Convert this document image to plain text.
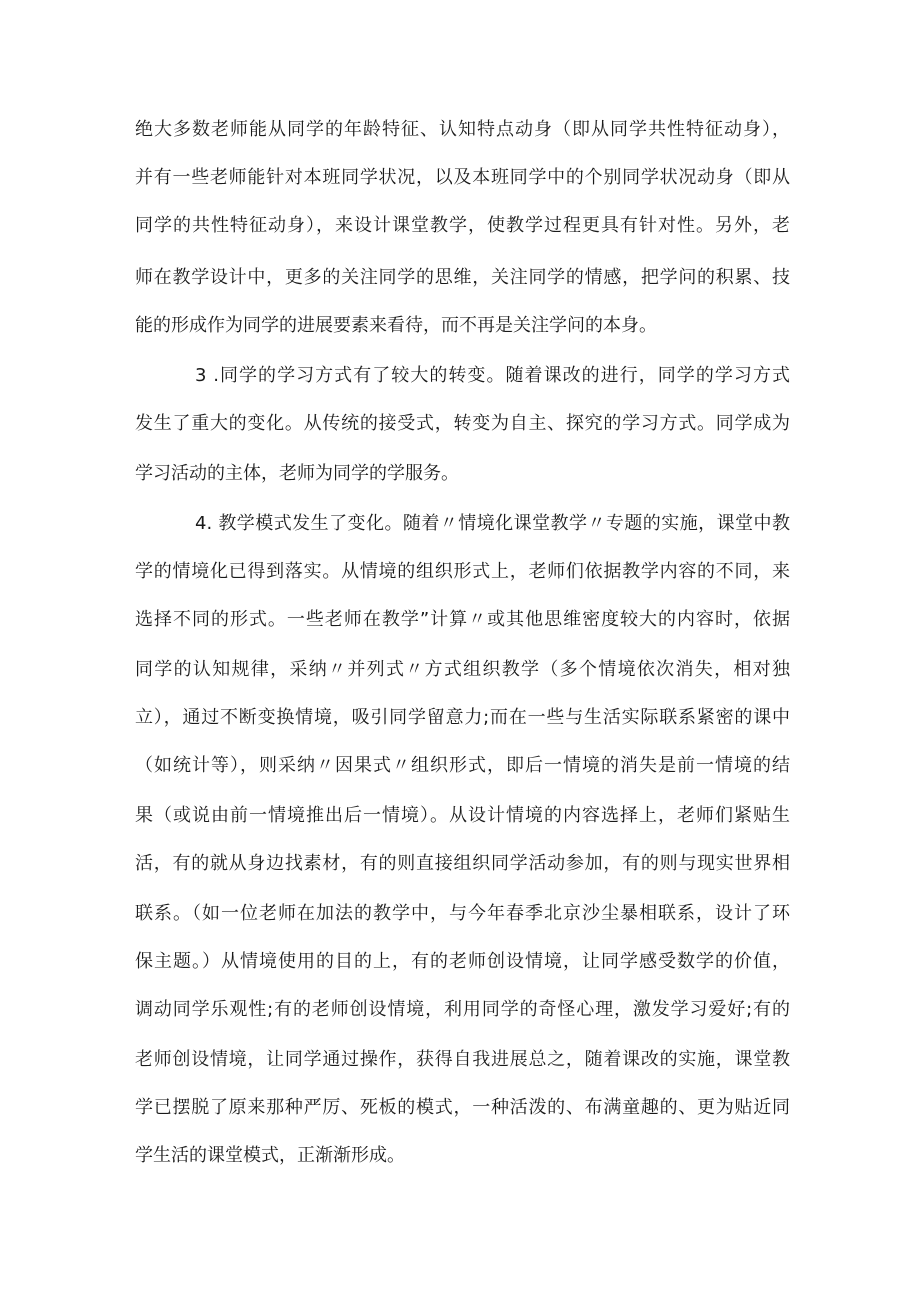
绝大多数老师能从同学的年龄特征、认知特点动身（即从同学共性特征动身），

并有一些老师能针对本班同学状况，以及本班同学中的个别同学状况动身（即从

同学的共性特征动身），来设计课堂教学，使教学过程更具有针对性。另外，老

师在教学设计中，更多的关注同学的思维，关注同学的情感，把学问的积累、技

能的形成作为同学的进展要素来看待，而不再是关注学问的本身。

3 .同学的学习方式有了较大的转变。随着课改的进行，同学的学习方式

发生了重大的变化。从传统的接受式，转变为自主、探究的学习方式。同学成为

学习活动的主体，老师为同学的学服务。

4. 教学模式发生了变化。随着〃情境化课堂教学〃专题的实施，课堂中教

学的情境化已得到落实。从情境的组织形式上，老师们依据教学内容的不同，来

选择不同的形式。一些老师在教学”计算〃或其他思维密度较大的内容时，依据

同学的认知规律，采纳〃并列式〃方式组织教学（多个情境依次消失，相对独

立），通过不断变换情境，吸引同学留意力;而在一些与生活实际联系紧密的课中

（如统计等），则采纳〃因果式〃组织形式，即后一情境的消失是前一情境的结

果（或说由前一情境推出后一情境）。从设计情境的内容选择上，老师们紧贴生

活，有的就从身边找素材，有的则直接组织同学活动参加，有的则与现实世界相

联系。（如一位老师在加法的教学中，与今年春季北京沙尘暴相联系，设计了环

保主题。）从情境使用的目的上，有的老师创设情境，让同学感受数学的价值，

调动同学乐观性;有的老师创设情境，利用同学的奇怪心理，激发学习爱好;有的

老师创设情境，让同学通过操作，获得自我进展总之，随着课改的实施，课堂教

学已摆脱了原来那种严厉、死板的模式，一种活泼的、布满童趣的、更为贴近同

学生活的课堂模式，正渐渐形成。
